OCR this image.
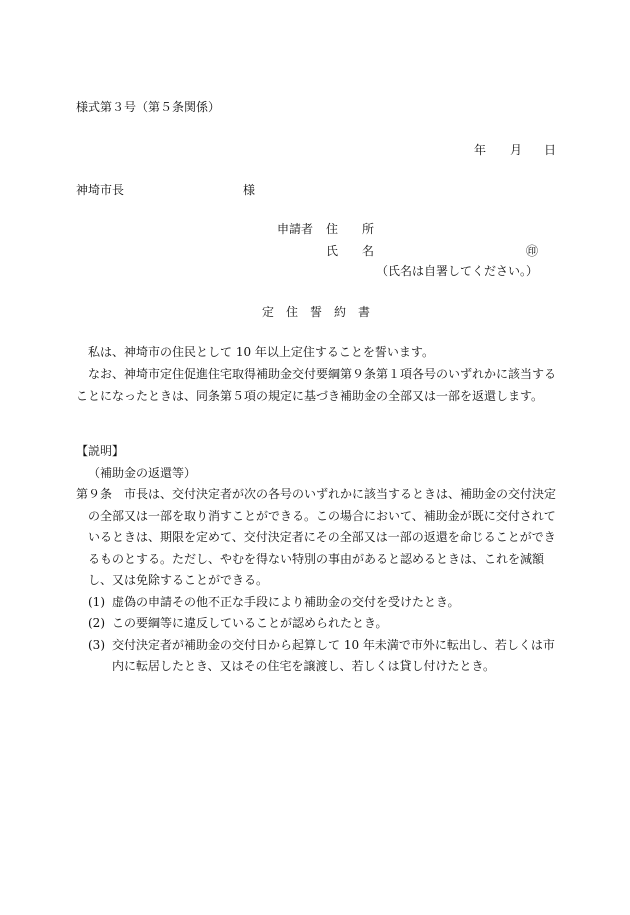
様式第３号（第５条関係）
年 月 日
神埼市長	様
申請者 住　　所
氏　　名	㊞
（氏名は自署してください。）
定　住　誓　約　書

私は、神埼市の住民として 10 年以上定住することを誓います。

なお、神埼市定住促進住宅取得補助金交付要綱第９条第１項各号のいずれかに該当することになったときは、同条第５項の規定に基づき補助金の全部又は一部を返還します。

【説明】
（補助金の返還等）
第９条 市長は、交付決定者が次の各号のいずれかに該当するときは、補助金の交付決定の全部又は一部を取り消すことができる。この場合において、補助金が既に交付されているときは、期限を定めて、交付決定者にその全部又は一部の返還を命じることができるものとする。ただし、やむを得ない特別の事由があると認めるときは、これを減額し、又は免除することができる。
(1) 虚偽の申請その他不正な手段により補助金の交付を受けたとき。
(2) この要綱等に違反していることが認められたとき。
(3) 交付決定者が補助金の交付日から起算して 10 年未満で市外に転出し、若しくは市内に転居したとき、又はその住宅を譲渡し、若しくは貸し付けたとき。
